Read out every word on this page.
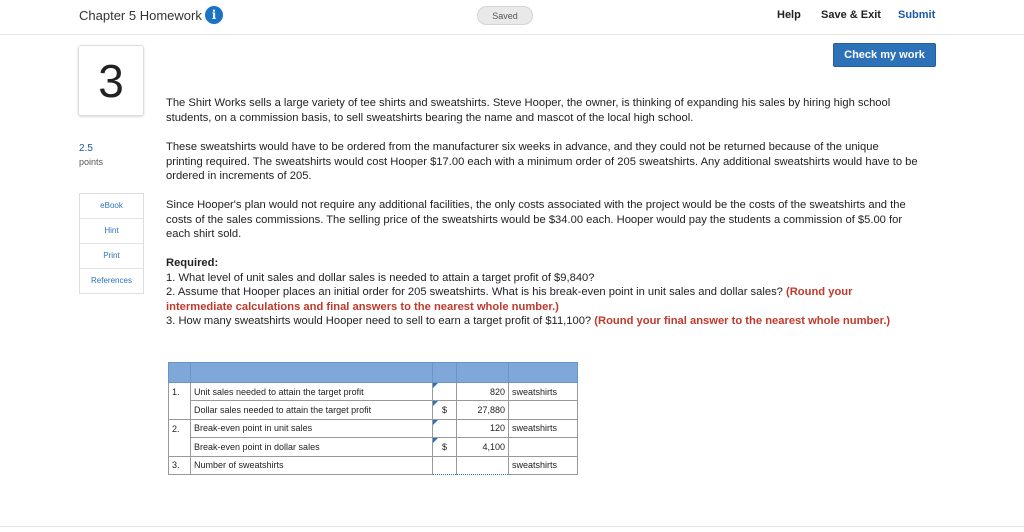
Chapter 5 Homework i	Saved	Help Save & Exit Submit
Check my work
3
2.5
points
eBook
Hint
Print
References

The Shirt Works sells a large variety of tee shirts and sweatshirts. Steve Hooper, the owner, is thinking of expanding his sales by hiring high school students, on a commission basis, to sell sweatshirts bearing the name and mascot of the local high school.

These sweatshirts would have to be ordered from the manufacturer six weeks in advance, and they could not be returned because of the unique printing required. The sweatshirts would cost Hooper $17.00 each with a minimum order of 205 sweatshirts. Any additional sweatshirts would have to be ordered in increments of 205.

Since Hooper's plan would not require any additional facilities, the only costs associated with the project would be the costs of the sweatshirts and the costs of the sales commissions. The selling price of the sweatshirts would be $34.00 each. Hooper would pay the students a commission of $5.00 for each shirt sold.

Required:
1. What level of unit sales and dollar sales is needed to attain a target profit of $9,840?
2. Assume that Hooper places an initial order for 205 sweatshirts. What is his break-even point in unit sales and dollar sales? (Round your intermediate calculations and final answers to the nearest whole number.)
3. How many sweatshirts would Hooper need to sell to earn a target profit of $11,100? (Round your final answer to the nearest whole number.)

1.	Unit sales needed to attain the target profit		820	sweatshirts
	Dollar sales needed to attain the target profit	$	27,880	
2.	Break-even point in unit sales		120	sweatshirts
	Break-even point in dollar sales	$	4,100	
3.	Number of sweatshirts			sweatshirts
